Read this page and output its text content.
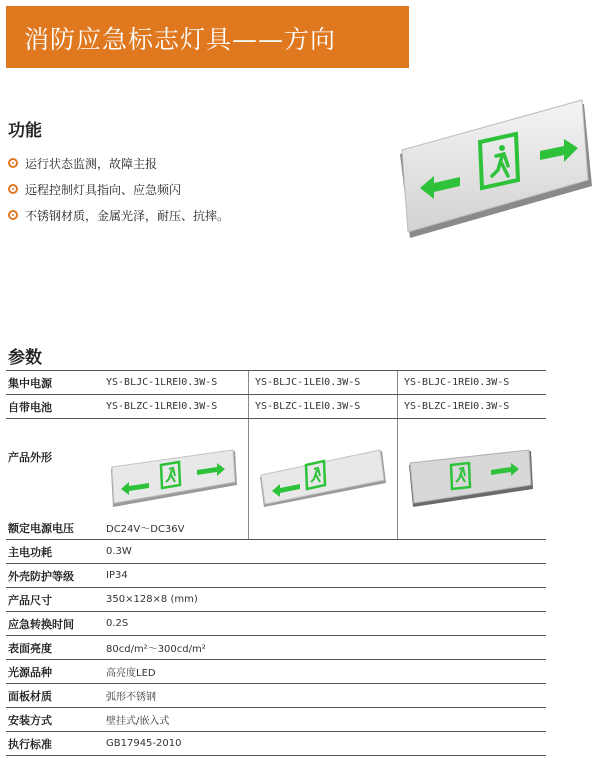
消防应急标志灯具——方向
功能
运行状态监测，故障主报
远程控制灯具指向、应急频闪
不锈钢材质，金属光泽，耐压、抗摔。
参数
集中电源	YS-BLJC-1LREⅠ0.3W-S	YS-BLJC-1LEⅠ0.3W-S	YS-BLJC-1REⅠ0.3W-S
自带电池	YS-BLZC-1LREⅠ0.3W-S	YS-BLZC-1LEⅠ0.3W-S	YS-BLZC-1REⅠ0.3W-S
产品外形	

额定电源电压	DC24V～DC36V
主电功耗	0.3W
外壳防护等级	IP34
产品尺寸	350×128×8 (mm)
应急转换时间	0.2S
表面亮度	80cd/m²～300cd/m²
光源品种	高亮度LED
面板材质	弧形不锈钢
安装方式	壁挂式/嵌入式
执行标准	GB17945-2010
